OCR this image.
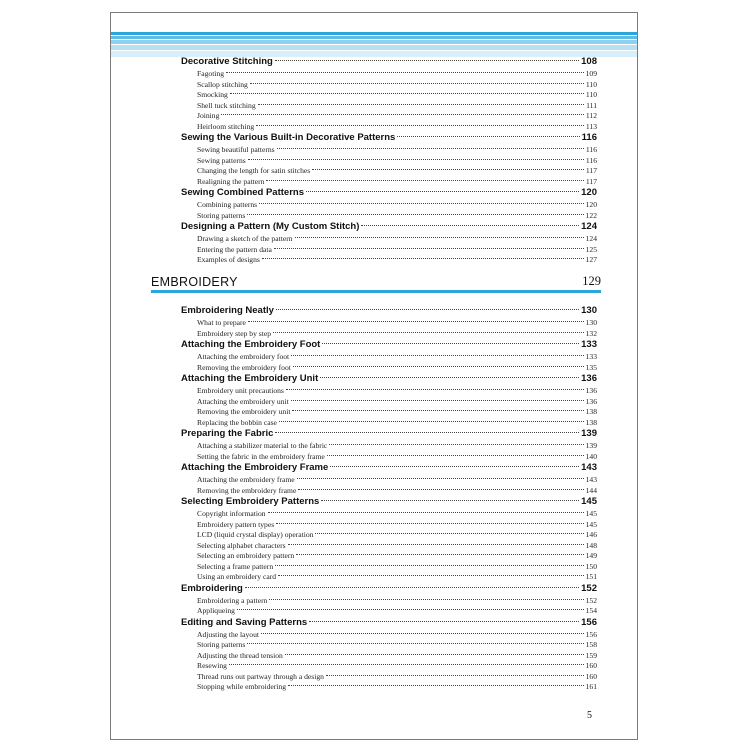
Decorative Stitching	108
Fagoting	109
Scallop stitching	110
Smocking	110
Shell tuck stitching	111
Joining	112
Heirloom stitching	113
Sewing the Various Built-in Decorative Patterns	116
Sewing beautiful patterns	116
Sewing patterns	116
Changing the length for satin stitches	117
Realigning the pattern	117
Sewing Combined Patterns	120
Combining patterns	120
Storing patterns	122
Designing a Pattern (My Custom Stitch)	124
Drawing a sketch of the pattern	124
Entering the pattern data	125
Examples of designs	127
EMBROIDERY	129
Embroidering Neatly	130
What to prepare	130
Embroidery step by step	132
Attaching the Embroidery Foot	133
Attaching the embroidery foot	133
Removing the embroidery foot	135
Attaching the Embroidery Unit	136
Embroidery unit precautions	136
Attaching the embroidery unit	136
Removing the embroidery unit	138
Replacing the bobbin case	138
Preparing the Fabric	139
Attaching a stabilizer material to the fabric	139
Setting the fabric in the embroidery frame	140
Attaching the Embroidery Frame	143
Attaching the embroidery frame	143
Removing the embroidery frame	144
Selecting Embroidery Patterns	145
Copyright information	145
Embroidery pattern types	145
LCD (liquid crystal display) operation	146
Selecting alphabet characters	148
Selecting an embroidery pattern	149
Selecting a frame pattern	150
Using an embroidery card	151
Embroidering	152
Embroidering a pattern	152
Appliqueing	154
Editing and Saving Patterns	156
Adjusting the layout	156
Storing patterns	158
Adjusting the thread tension	159
Resewing	160
Thread runs out partway through a design	160
Stopping while embroidering	161
5
